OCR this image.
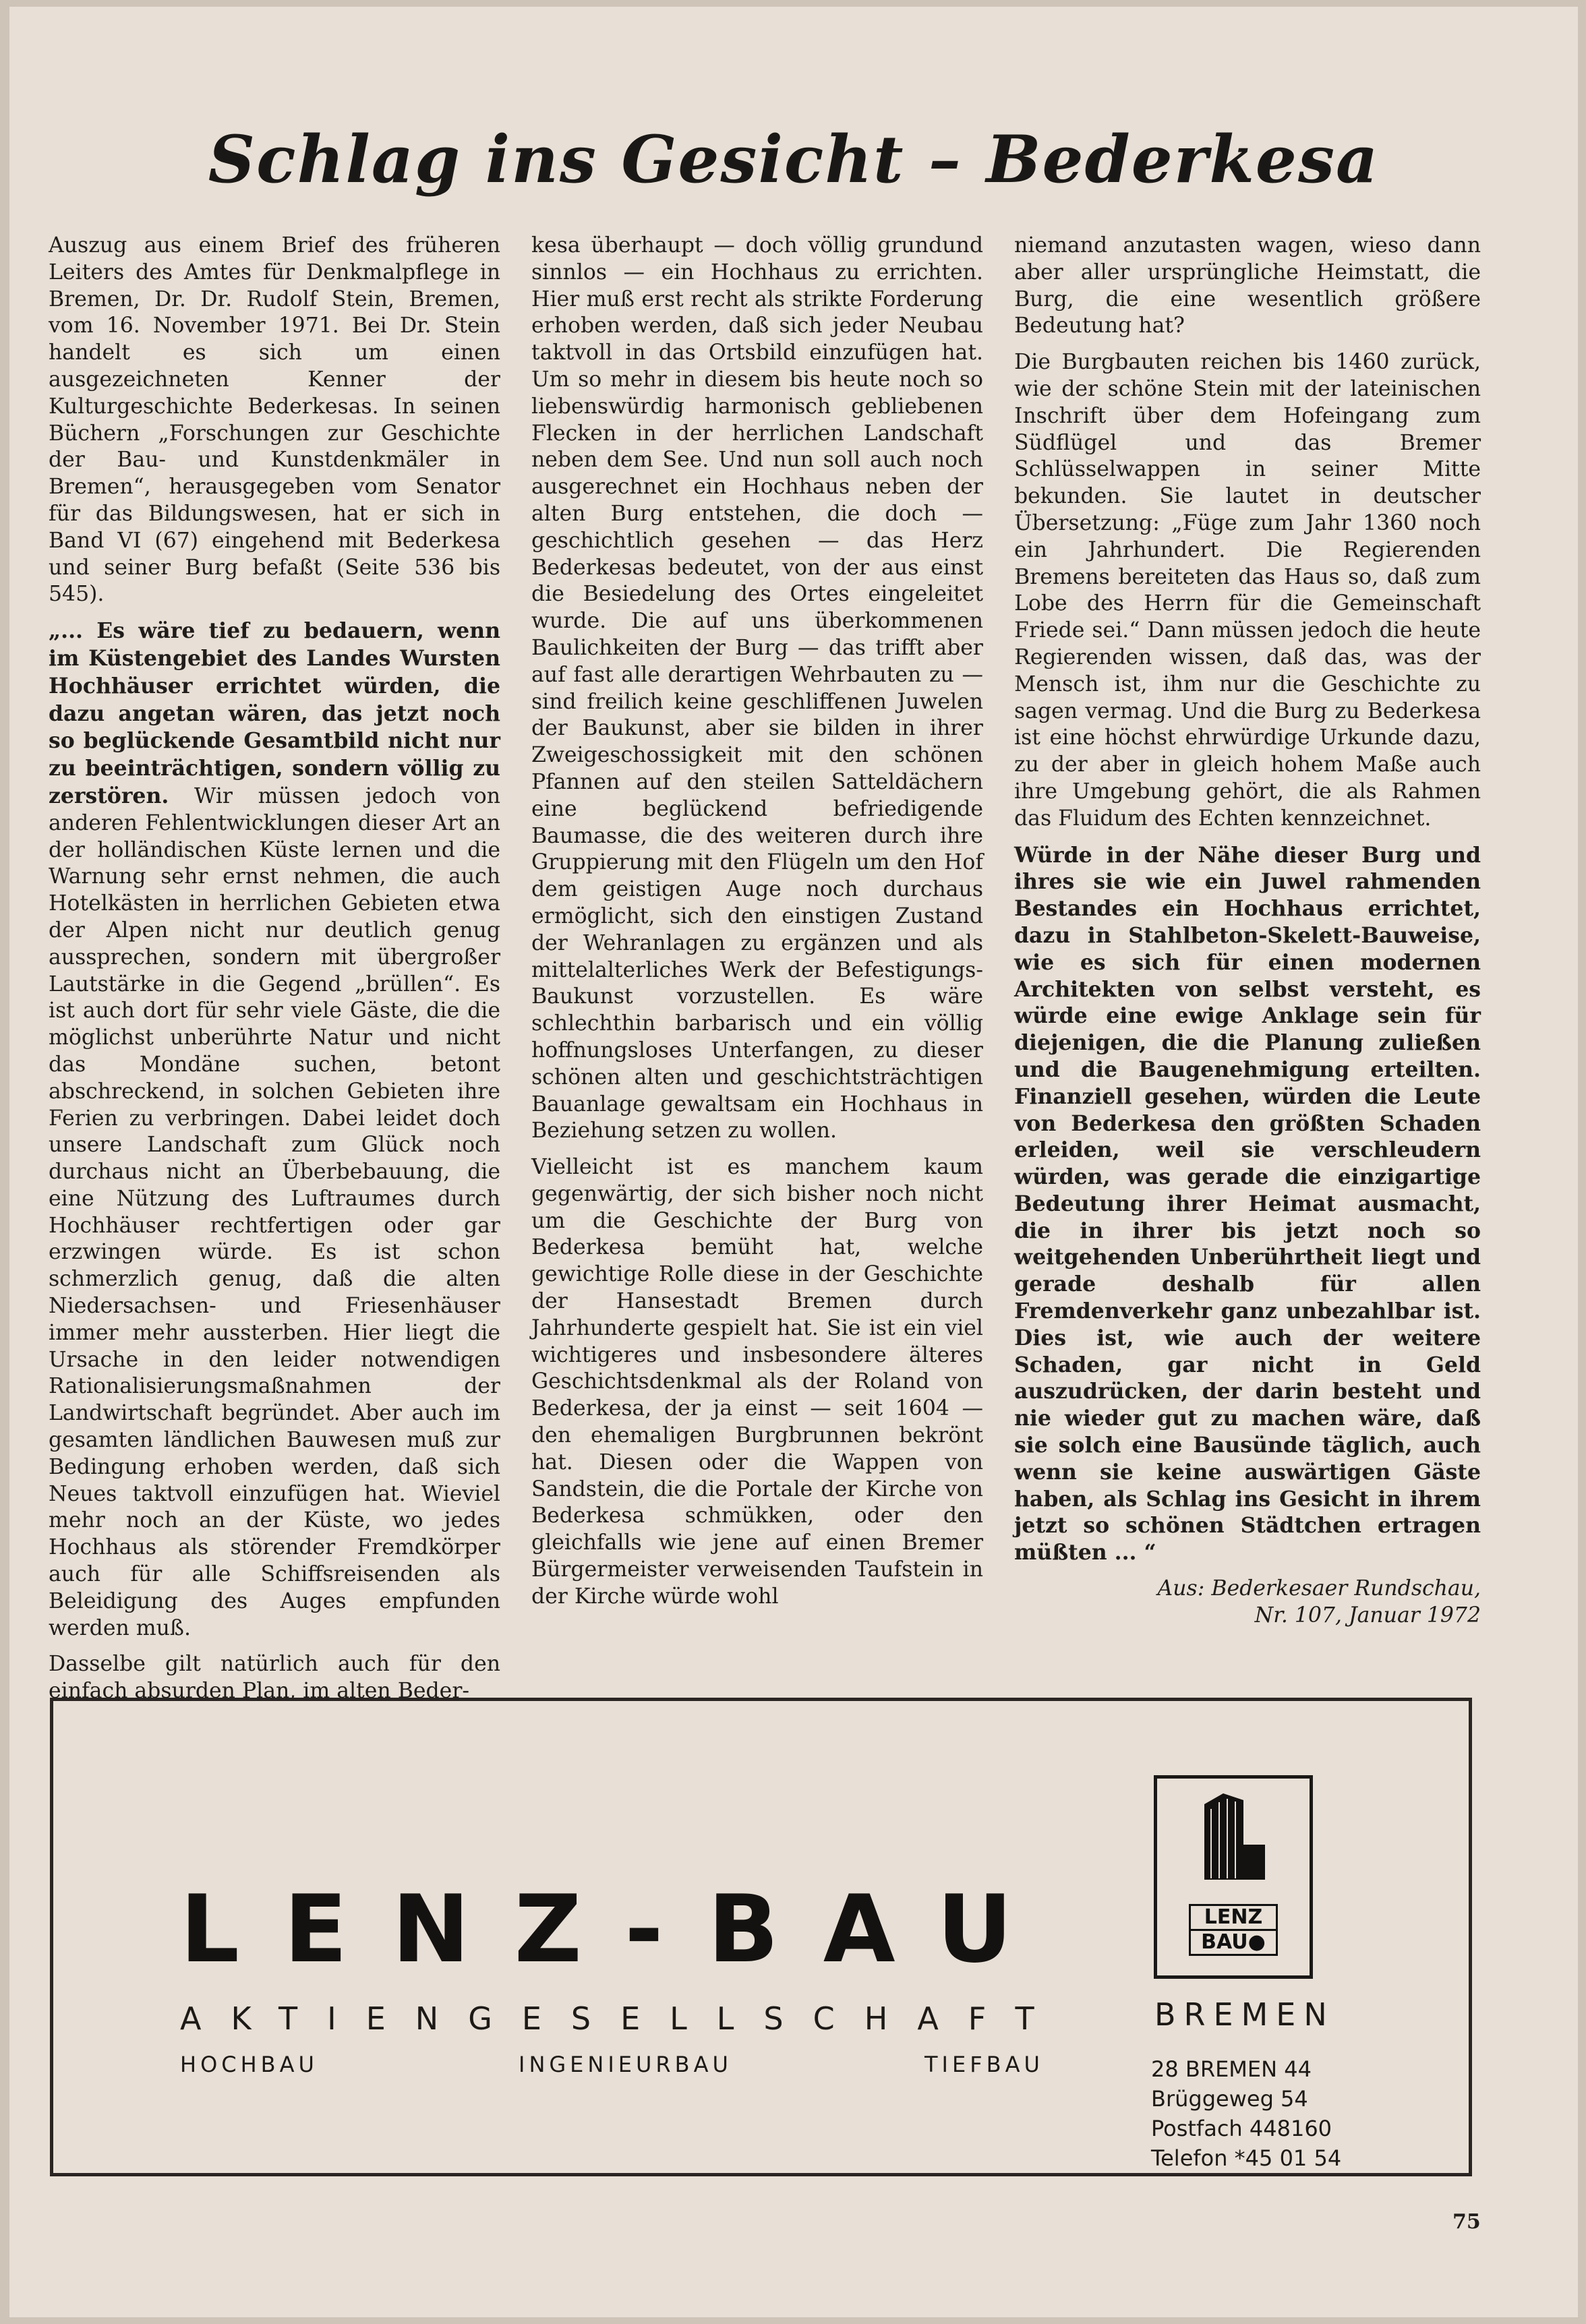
Schlag ins Gesicht – Bederkesa

Auszug aus einem Brief des früheren Leiters des Amtes für Denkmalpflege in Bremen, Dr. Dr. Rudolf Stein, Bremen, vom 16. November 1971. Bei Dr. Stein handelt es sich um einen ausgezeichneten Kenner der Kulturgeschichte Bederkesas. In seinen Büchern „Forschungen zur Geschichte der Bau- und Kunstdenkmäler in Bremen“, herausgegeben vom Senator für das Bildungswesen, hat er sich in Band VI (67) eingehend mit Bederkesa und seiner Burg befaßt (Seite 536 bis 545).

„... Es wäre tief zu bedauern, wenn im Küstengebiet des Landes Wursten Hochhäuser errichtet würden, die dazu angetan wären, das jetzt noch so beglückende Gesamtbild nicht nur zu beeinträchtigen, sondern völlig zu zerstören. Wir müssen jedoch von anderen Fehlentwicklungen dieser Art an der holländischen Küste lernen und die Warnung sehr ernst nehmen, die auch Hotelkästen in herrlichen Gebieten etwa der Alpen nicht nur deutlich genug aussprechen, sondern mit übergroßer Lautstärke in die Gegend „brüllen“. Es ist auch dort für sehr viele Gäste, die die möglichst unberührte Natur und nicht das Mondäne suchen, betont abschreckend, in solchen Gebieten ihre Ferien zu verbringen. Dabei leidet doch unsere Landschaft zum Glück noch durchaus nicht an Überbebauung, die eine Nützung des Luftraumes durch Hochhäuser rechtfertigen oder gar erzwingen würde. Es ist schon schmerzlich genug, daß die alten Niedersachsen- und Friesenhäuser immer mehr aussterben. Hier liegt die Ursache in den leider notwendigen Rationalisierungsmaßnahmen der Landwirtschaft begründet. Aber auch im gesamten ländlichen Bauwesen muß zur Bedingung erhoben werden, daß sich Neues taktvoll einzufügen hat. Wieviel mehr noch an der Küste, wo jedes Hochhaus als störender Fremdkörper auch für alle Schiffsreisenden als Beleidigung des Auges empfunden werden muß.

Dasselbe gilt natürlich auch für den einfach absurden Plan, im alten Beder-

kesa überhaupt — doch völlig grundund sinnlos — ein Hochhaus zu errichten. Hier muß erst recht als strikte Forderung erhoben werden, daß sich jeder Neubau taktvoll in das Ortsbild einzufügen hat. Um so mehr in diesem bis heute noch so liebenswürdig harmonisch gebliebenen Flecken in der herrlichen Landschaft neben dem See. Und nun soll auch noch ausgerechnet ein Hochhaus neben der alten Burg entstehen, die doch — geschichtlich gesehen — das Herz Bederkesas bedeutet, von der aus einst die Besiedelung des Ortes eingeleitet wurde. Die auf uns überkommenen Baulichkeiten der Burg — das trifft aber auf fast alle derartigen Wehrbauten zu — sind freilich keine geschliffenen Juwelen der Baukunst, aber sie bilden in ihrer Zweigeschossigkeit mit den schönen Pfannen auf den steilen Satteldächern eine beglückend befriedigende Baumasse, die des weiteren durch ihre Gruppierung mit den Flügeln um den Hof dem geistigen Auge noch durchaus ermöglicht, sich den einstigen Zustand der Wehranlagen zu ergänzen und als mittelalterliches Werk der Befestigungs-Baukunst vorzustellen. Es wäre schlechthin barbarisch und ein völlig hoffnungsloses Unterfangen, zu dieser schönen alten und geschichtsträchtigen Bauanlage gewaltsam ein Hochhaus in Beziehung setzen zu wollen.

Vielleicht ist es manchem kaum gegenwärtig, der sich bisher noch nicht um die Geschichte der Burg von Bederkesa bemüht hat, welche gewichtige Rolle diese in der Geschichte der Hansestadt Bremen durch Jahrhunderte gespielt hat. Sie ist ein viel wichtigeres und insbesondere älteres Geschichtsdenkmal als der Roland von Bederkesa, der ja einst — seit 1604 — den ehemaligen Burgbrunnen bekrönt hat. Diesen oder die Wappen von Sandstein, die die Portale der Kirche von Bederkesa schmükken, oder den gleichfalls wie jene auf einen Bremer Bürgermeister verweisenden Taufstein in der Kirche würde wohl

niemand anzutasten wagen, wieso dann aber aller ursprüngliche Heimstatt, die Burg, die eine wesentlich größere Bedeutung hat?

Die Burgbauten reichen bis 1460 zurück, wie der schöne Stein mit der lateinischen Inschrift über dem Hofeingang zum Südflügel und das Bremer Schlüsselwappen in seiner Mitte bekunden. Sie lautet in deutscher Übersetzung: „Füge zum Jahr 1360 noch ein Jahrhundert. Die Regierenden Bremens bereiteten das Haus so, daß zum Lobe des Herrn für die Gemeinschaft Friede sei.“ Dann müssen jedoch die heute Regierenden wissen, daß das, was der Mensch ist, ihm nur die Geschichte zu sagen vermag. Und die Burg zu Bederkesa ist eine höchst ehrwürdige Urkunde dazu, zu der aber in gleich hohem Maße auch ihre Umgebung gehört, die als Rahmen das Fluidum des Echten kennzeichnet.

Würde in der Nähe dieser Burg und ihres sie wie ein Juwel rahmenden Bestandes ein Hochhaus errichtet, dazu in Stahlbeton-Skelett-Bauweise, wie es sich für einen modernen Architekten von selbst versteht, es würde eine ewige Anklage sein für diejenigen, die die Planung zuließen und die Baugenehmigung erteilten. Finanziell gesehen, würden die Leute von Bederkesa den größten Schaden erleiden, weil sie verschleudern würden, was gerade die einzigartige Bedeutung ihrer Heimat ausmacht, die in ihrer bis jetzt noch so weitgehenden Unberührtheit liegt und gerade deshalb für allen Fremdenverkehr ganz unbezahlbar ist. Dies ist, wie auch der weitere Schaden, gar nicht in Geld auszudrücken, der darin besteht und nie wieder gut zu machen wäre, daß sie solch eine Bausünde täglich, auch wenn sie keine auswärtigen Gäste haben, als Schlag ins Gesicht in ihrem jetzt so schönen Städtchen ertragen müßten ... “

Aus: Bederkesaer Rundschau,
Nr. 107, Januar 1972
LENZ-BAU
AKTIENGESELLSCHAFT
HOCHBAU	INGENIEURBAU	TIEFBAU
LENZ
BAU●
BREMEN
28 BREMEN 44
Brüggeweg 54
Postfach 448160
Telefon *45 01 54
75
